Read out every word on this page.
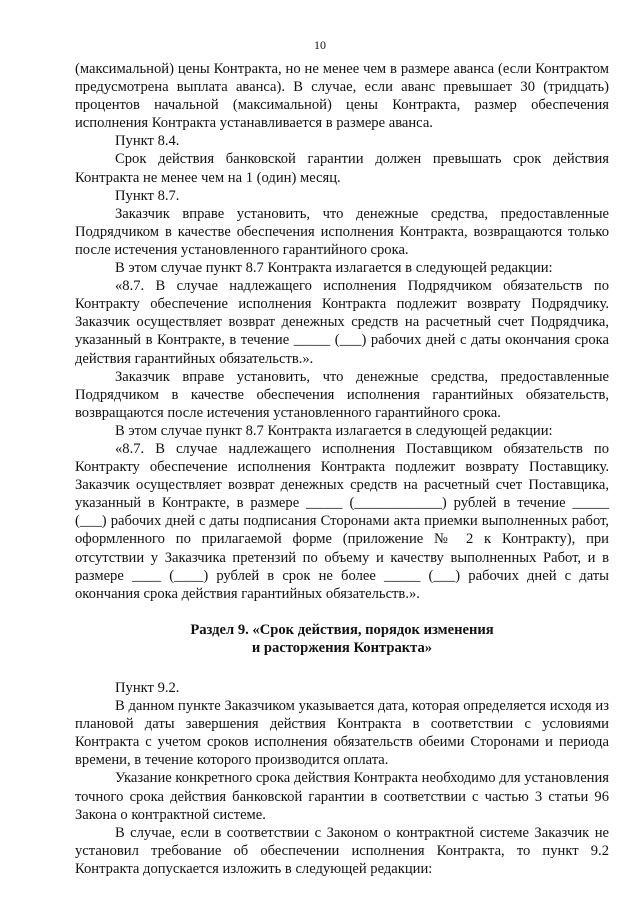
10

(максимальной) цены Контракта, но не менее чем в размере аванса (если Контрактом предусмотрена выплата аванса). В случае, если аванс превышает 30 (тридцать) процентов начальной (максимальной) цены Контракта, размер обеспечения исполнения Контракта устанавливается в размере аванса.

Пункт 8.4.

Срок действия банковской гарантии должен превышать срок действия Контракта не менее чем на 1 (один) месяц.

Пункт 8.7.

Заказчик вправе установить, что денежные средства, предоставленные Подрядчиком в качестве обеспечения исполнения Контракта, возвращаются только после истечения установленного гарантийного срока.

В этом случае пункт 8.7 Контракта излагается в следующей редакции:

«8.7. В случае надлежащего исполнения Подрядчиком обязательств по Контракту обеспечение исполнения Контракта подлежит возврату Подрядчику. Заказчик осуществляет возврат денежных средств на расчетный счет Подрядчика, указанный в Контракте, в течение _____ (___) рабочих дней с даты окончания срока действия гарантийных обязательств.».

Заказчик вправе установить, что денежные средства, предоставленные Подрядчиком в качестве обеспечения исполнения гарантийных обязательств, возвращаются после истечения установленного гарантийного срока.

В этом случае пункт 8.7 Контракта излагается в следующей редакции:

«8.7. В случае надлежащего исполнения Поставщиком обязательств по Контракту обеспечение исполнения Контракта подлежит возврату Поставщику. Заказчик осуществляет возврат денежных средств на расчетный счет Поставщика, указанный в Контракте, в размере _____ (____________) рублей в течение _____ (___) рабочих дней с даты подписания Сторонами акта приемки выполненных работ, оформленного по прилагаемой форме (приложение № 2 к Контракту), при отсутствии у Заказчика претензий по объему и качеству выполненных Работ, и в размере ____ (____) рублей в срок не более _____ (___) рабочих дней с даты окончания срока действия гарантийных обязательств.».

Раздел 9. «Срок действия, порядок изменения
и расторжения Контракта»

Пункт 9.2.

В данном пункте Заказчиком указывается дата, которая определяется исходя из плановой даты завершения действия Контракта в соответствии с условиями Контракта с учетом сроков исполнения обязательств обеими Сторонами и периода времени, в течение которого производится оплата.

Указание конкретного срока действия Контракта необходимо для установления точного срока действия банковской гарантии в соответствии с частью 3 статьи 96 Закона о контрактной системе.

В случае, если в соответствии с Законом о контрактной системе Заказчик не установил требование об обеспечении исполнения Контракта, то пункт 9.2 Контракта допускается изложить в следующей редакции:
